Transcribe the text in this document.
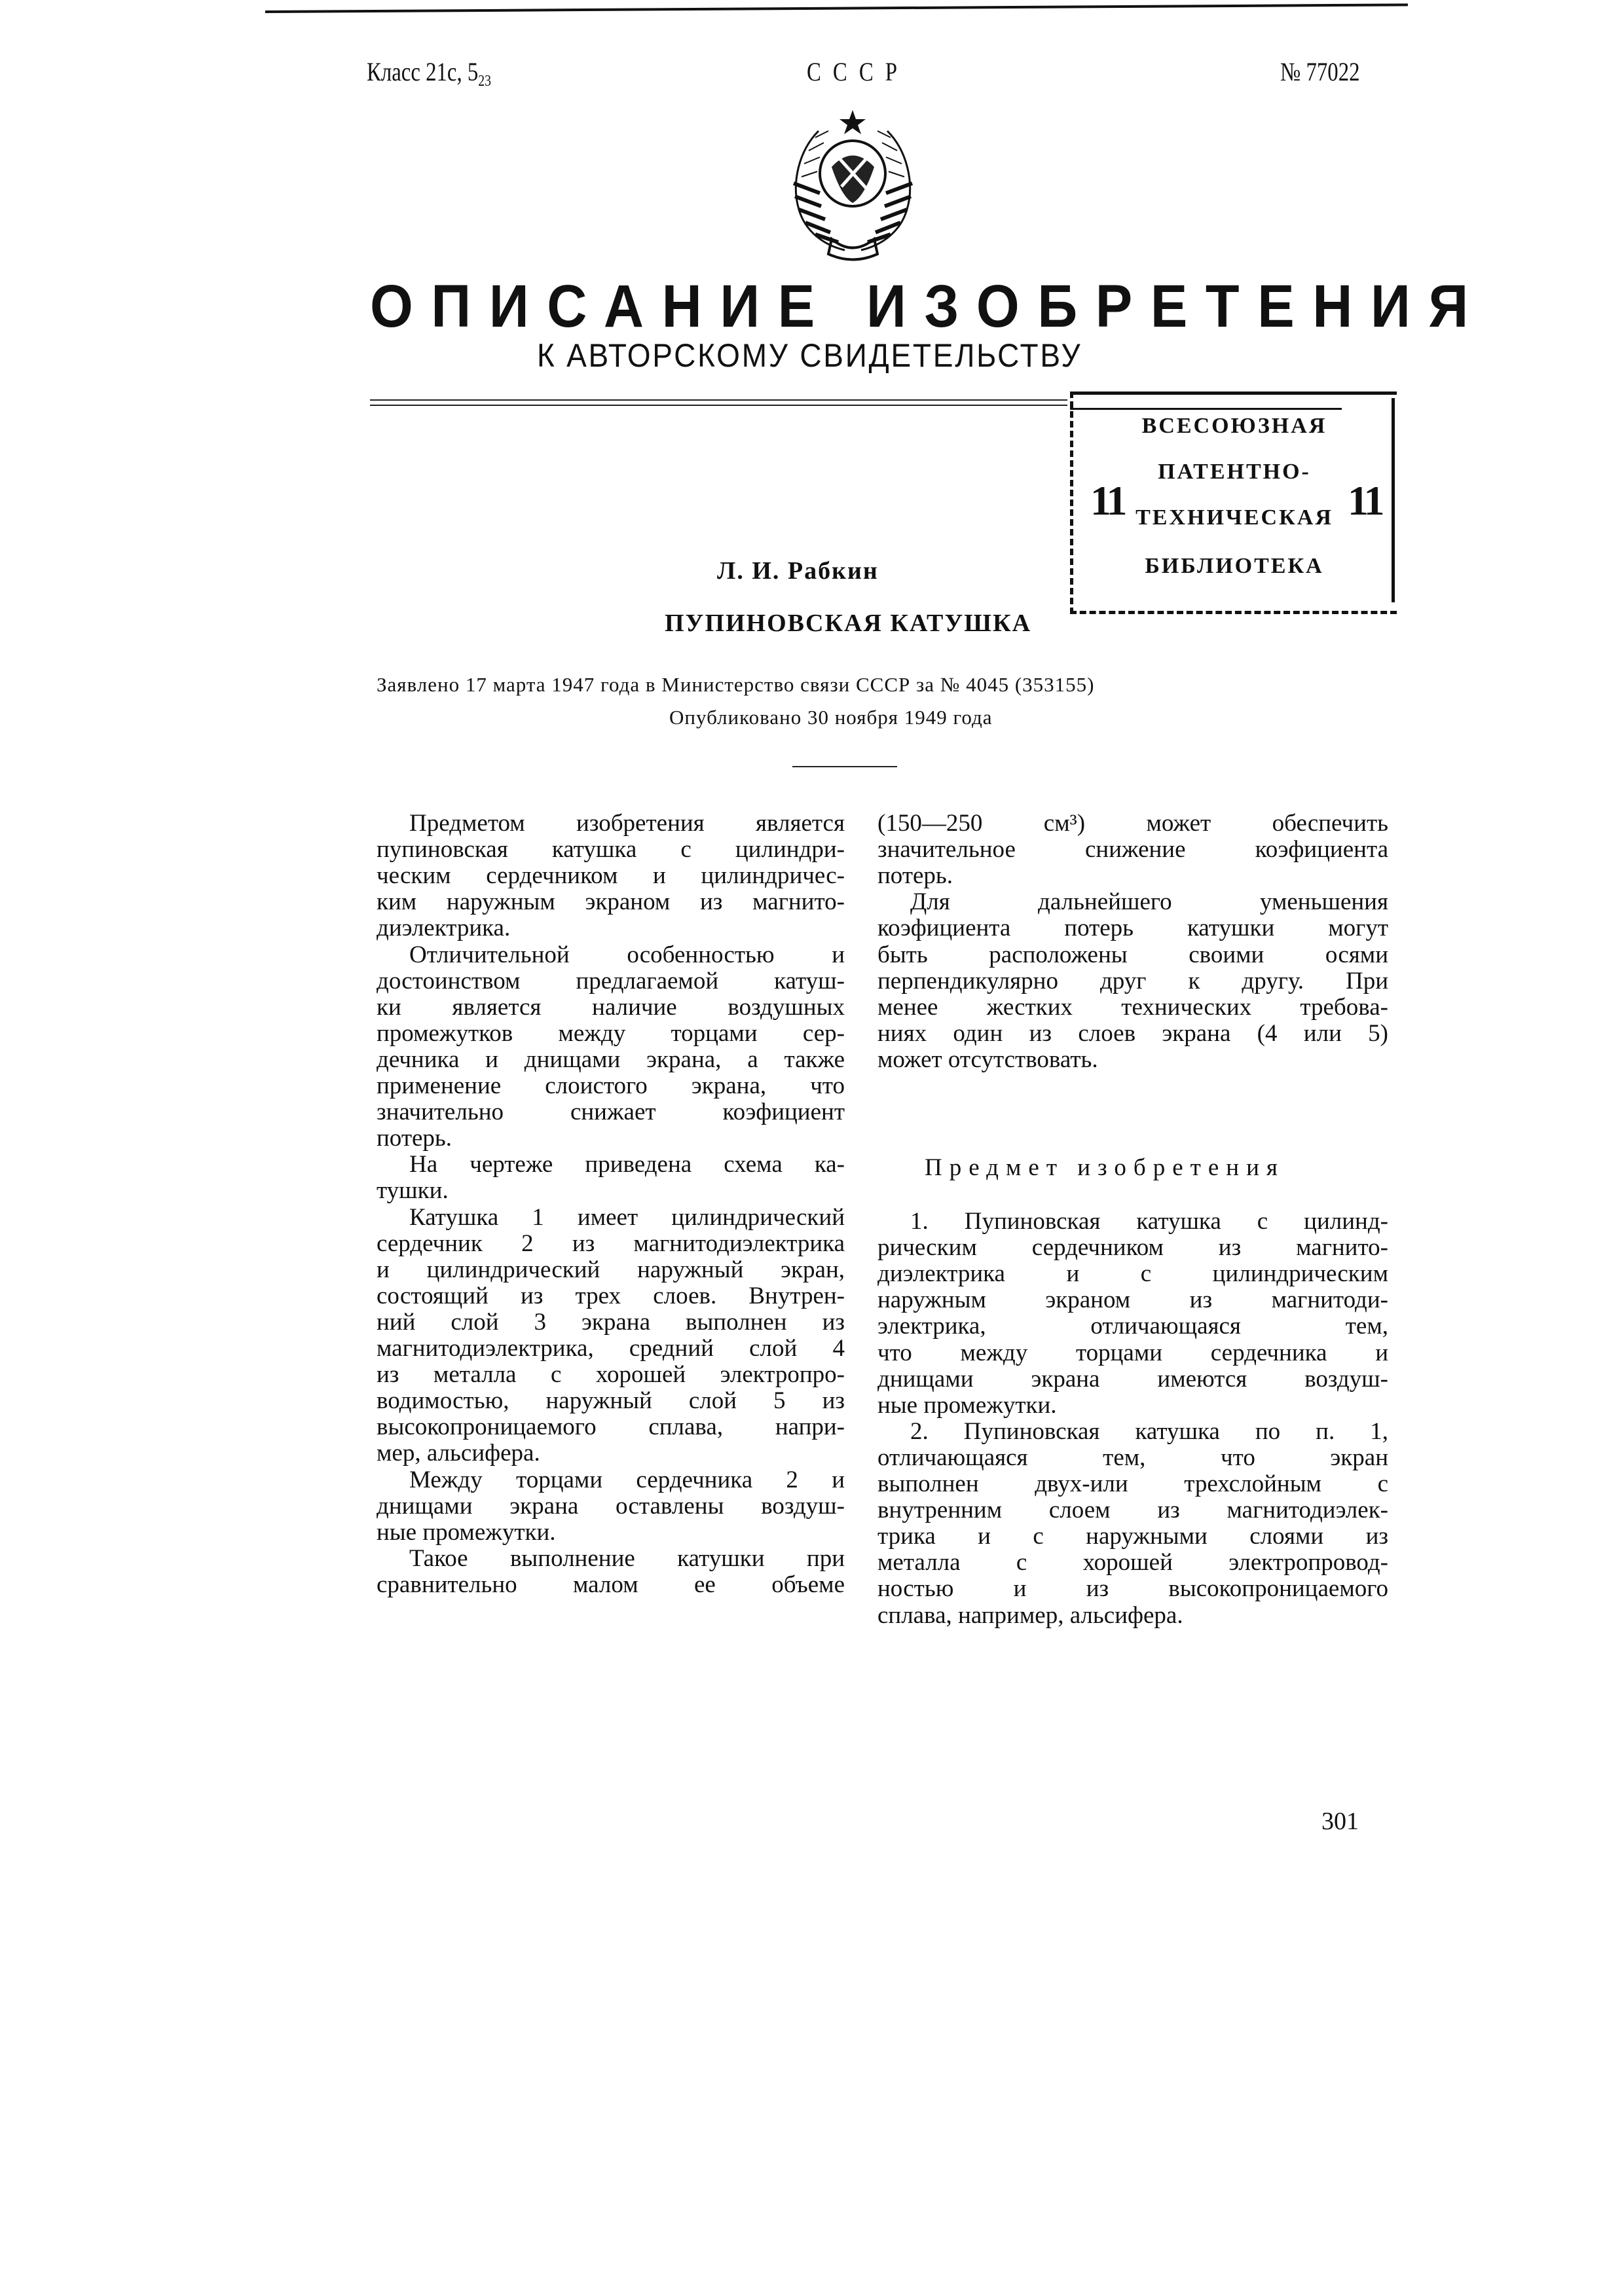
Класс 21с, $5_{23}$	СССР	№ 77022
ОПИСАНИЕ ИЗОБРЕТЕНИЯ
К АВТОРСКОМУ СВИДЕТЕЛЬСТВУ
ВСЕСОЮЗНАЯ
ПАТЕНТНО-
ТЕХНИЧЕСКАЯ
БИБЛИОТЕКА
11	11
Л. И. Рабкин
ПУПИНОВСКАЯ КАТУШКА
Заявлено 17 марта 1947 года в Министерство связи СССР за № 4045 (353155)
Опубликовано 30 ноября 1949 года
Предметом изобретения является
пупиновская катушка с цилиндри-
ческим сердечником и цилиндричес-
ким наружным экраном из магнито-
диэлектрика.
Отличительной особенностью и
достоинством предлагаемой катуш-
ки является наличие воздушных
промежутков между торцами сер-
дечника и днищами экрана, а также
применение слоистого экрана, что
значительно снижает коэфициент
потерь.
На чертеже приведена схема ка-
тушки.
Катушка 1 имеет цилиндрический
сердечник 2 из магнитодиэлектрика
и цилиндрический наружный экран,
состоящий из трех слоев. Внутрен-
ний слой 3 экрана выполнен из
магнитодиэлектрика, средний слой 4
из металла с хорошей электропро-
водимостью, наружный слой 5 из
высокопроницаемого сплава, напри-
мер, альсифера.
Между торцами сердечника 2 и
днищами экрана оставлены воздуш-
ные промежутки.
Такое выполнение катушки при
сравнительно малом ее объеме
(150—250 см³) может обеспечить
значительное снижение коэфициента
потерь.
Для дальнейшего уменьшения
коэфициента потерь катушки могут
быть расположены своими осями
перпендикулярно друг к другу. При
менее жестких технических требова-
ниях один из слоев экрана (4 или 5)
может отсутствовать.
Предмет изобретения
1. Пупиновская катушка с цилинд-
рическим сердечником из магнито-
диэлектрика и с цилиндрическим
наружным экраном из магнитоди-
электрика, отличающаяся тем,
что между торцами сердечника и
днищами экрана имеются воздуш-
ные промежутки.
2. Пупиновская катушка по п. 1,
отличающаяся тем, что экран
выполнен двух-или трехслойным с
внутренним слоем из магнитодиэлек-
трика и с наружными слоями из
металла с хорошей электропровод-
ностью и из высокопроницаемого
сплава, например, альсифера.
301
